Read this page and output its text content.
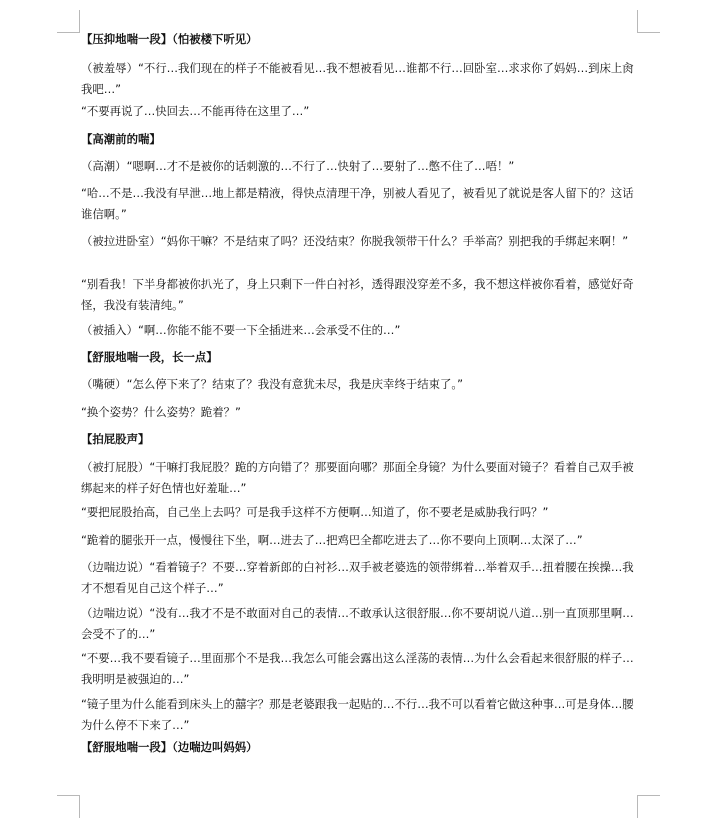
【压抑地喘一段】（怕被楼下听见）

（被羞辱）“不行…我们现在的样子不能被看见…我不想被看见…谁都不行…回卧室…求求你了妈妈…到床上肏我吧…”

“不要再说了…快回去…不能再待在这里了…”

【高潮前的喘】

（高潮）“嗯啊…才不是被你的话刺激的…不行了…快射了…要射了…憋不住了…唔！”

“哈…不是…我没有早泄…地上都是精液，得快点清理干净，别被人看见了，被看见了就说是客人留下的？这话谁信啊。”

（被拉进卧室）“妈你干嘛？不是结束了吗？还没结束？你脱我领带干什么？手举高？别把我的手绑起来啊！”

“别看我！下半身都被你扒光了，身上只剩下一件白衬衫，透得跟没穿差不多，我不想这样被你看着，感觉好奇怪，我没有装清纯。”

（被插入）“啊…你能不能不要一下全插进来…会承受不住的…”

【舒服地喘一段，长一点】

（嘴硬）“怎么停下来了？结束了？我没有意犹未尽，我是庆幸终于结束了。”

“换个姿势？什么姿势？跪着？”

【拍屁股声】

（被打屁股）“干嘛打我屁股？跪的方向错了？那要面向哪？那面全身镜？为什么要面对镜子？看着自己双手被绑起来的样子好色情也好羞耻…”

“要把屁股抬高，自己坐上去吗？可是我手这样不方便啊…知道了，你不要老是威胁我行吗？”

“跪着的腿张开一点，慢慢往下坐，啊…进去了…把鸡巴全都吃进去了…你不要向上顶啊…太深了…”

（边喘边说）“看着镜子？不要…穿着新郎的白衬衫…双手被老婆选的领带绑着…举着双手…扭着腰在挨操…我才不想看见自己这个样子…”

（边喘边说）“没有…我才不是不敢面对自己的表情…不敢承认这很舒服…你不要胡说八道…别一直顶那里啊…会受不了的…”

“不要…我不要看镜子…里面那个不是我…我怎么可能会露出这么淫荡的表情…为什么会看起来很舒服的样子…我明明是被强迫的…”

“镜子里为什么能看到床头上的囍字？那是老婆跟我一起贴的…不行…我不可以看着它做这种事…可是身体…腰为什么停不下来了…”

【舒服地喘一段】（边喘边叫妈妈）
